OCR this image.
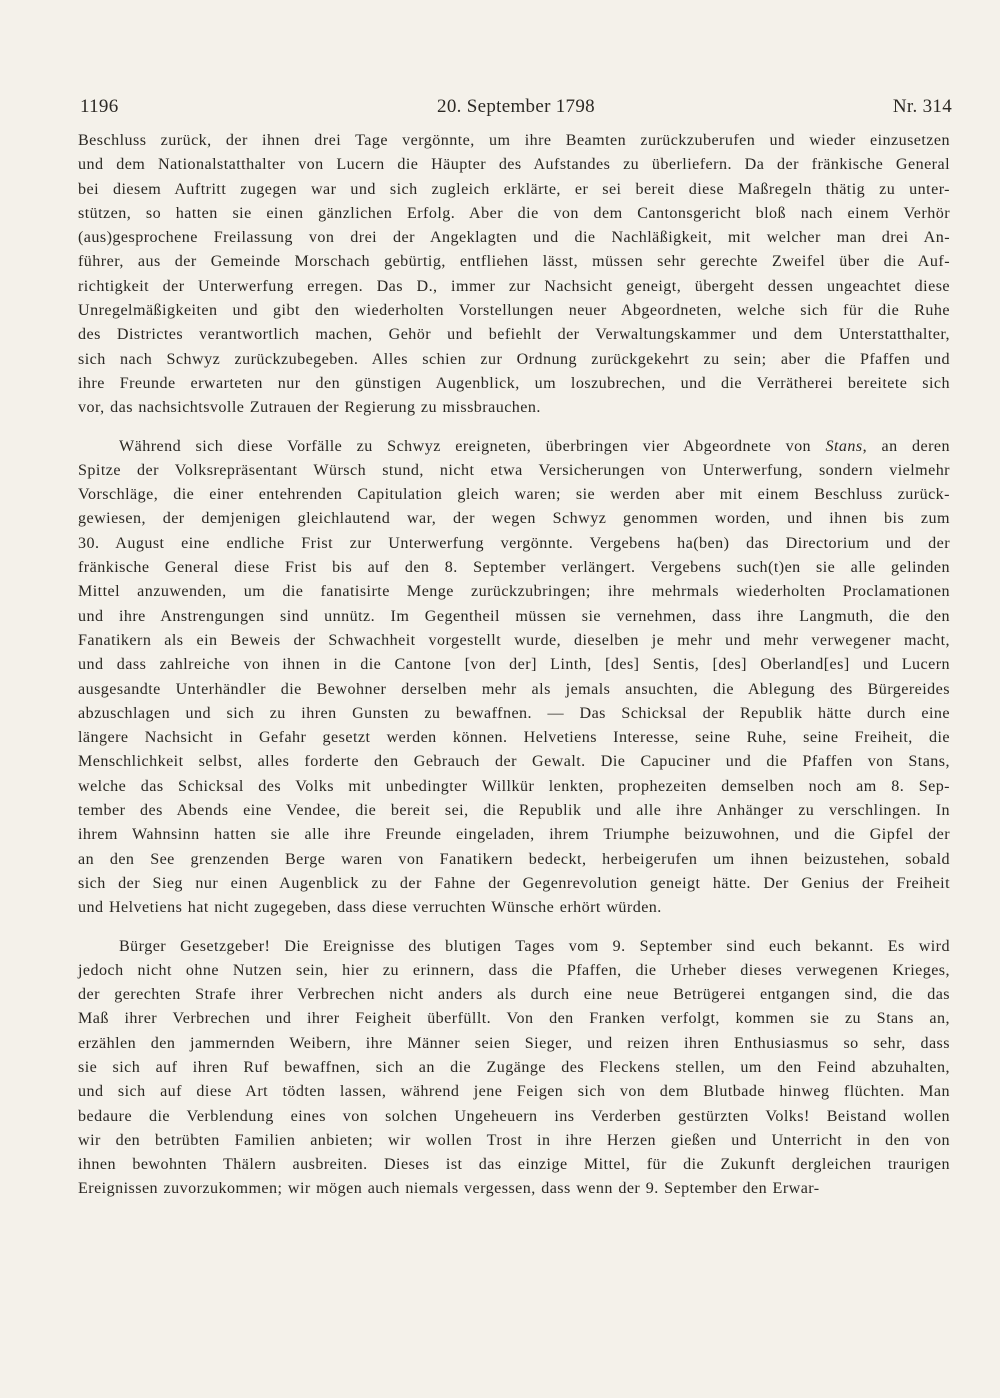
1196	20. September 1798	Nr. 314

Beschluss zurück, der ihnen drei Tage vergönnte, um ihre Beamten zurückzuberufen und wieder einzusetzen
und dem Nationalstatthalter von Lucern die Häupter des Aufstandes zu überliefern. Da der fränkische General
bei diesem Auftritt zugegen war und sich zugleich erklärte, er sei bereit diese Maßregeln thätig zu unter-
stützen, so hatten sie einen gänzlichen Erfolg. Aber die von dem Cantonsgericht bloß nach einem Verhör
(aus)gesprochene Freilassung von drei der Angeklagten und die Nachläßigkeit, mit welcher man drei An-
führer, aus der Gemeinde Morschach gebürtig, entfliehen lässt, müssen sehr gerechte Zweifel über die Auf-
richtigkeit der Unterwerfung erregen. Das D., immer zur Nachsicht geneigt, übergeht dessen ungeachtet diese
Unregelmäßigkeiten und gibt den wiederholten Vorstellungen neuer Abgeordneten, welche sich für die Ruhe
des Districtes verantwortlich machen, Gehör und befiehlt der Verwaltungskammer und dem Unterstatthalter,
sich nach Schwyz zurückzubegeben. Alles schien zur Ordnung zurückgekehrt zu sein; aber die Pfaffen und
ihre Freunde erwarteten nur den günstigen Augenblick, um loszubrechen, und die Verrätherei bereitete sich
vor, das nachsichtsvolle Zutrauen der Regierung zu missbrauchen.

Während sich diese Vorfälle zu Schwyz ereigneten, überbringen vier Abgeordnete von Stans, an deren
Spitze der Volksrepräsentant Würsch stund, nicht etwa Versicherungen von Unterwerfung, sondern vielmehr
Vorschläge, die einer entehrenden Capitulation gleich waren; sie werden aber mit einem Beschluss zurück-
gewiesen, der demjenigen gleichlautend war, der wegen Schwyz genommen worden, und ihnen bis zum
30. August eine endliche Frist zur Unterwerfung vergönnte. Vergebens ha(ben) das Directorium und der
fränkische General diese Frist bis auf den 8. September verlängert. Vergebens such(t)en sie alle gelinden
Mittel anzuwenden, um die fanatisirte Menge zurückzubringen; ihre mehrmals wiederholten Proclamationen
und ihre Anstrengungen sind unnütz. Im Gegentheil müssen sie vernehmen, dass ihre Langmuth, die den
Fanatikern als ein Beweis der Schwachheit vorgestellt wurde, dieselben je mehr und mehr verwegener macht,
und dass zahlreiche von ihnen in die Cantone [von der] Linth, [des] Sentis, [des] Oberland[es] und Lucern
ausgesandte Unterhändler die Bewohner derselben mehr als jemals ansuchten, die Ablegung des Bürgereides
abzuschlagen und sich zu ihren Gunsten zu bewaffnen. — Das Schicksal der Republik hätte durch eine
längere Nachsicht in Gefahr gesetzt werden können. Helvetiens Interesse, seine Ruhe, seine Freiheit, die
Menschlichkeit selbst, alles forderte den Gebrauch der Gewalt. Die Capuciner und die Pfaffen von Stans,
welche das Schicksal des Volks mit unbedingter Willkür lenkten, prophezeiten demselben noch am 8. Sep-
tember des Abends eine Vendee, die bereit sei, die Republik und alle ihre Anhänger zu verschlingen. In
ihrem Wahnsinn hatten sie alle ihre Freunde eingeladen, ihrem Triumphe beizuwohnen, und die Gipfel der
an den See grenzenden Berge waren von Fanatikern bedeckt, herbeigerufen um ihnen beizustehen, sobald
sich der Sieg nur einen Augenblick zu der Fahne der Gegenrevolution geneigt hätte. Der Genius der Freiheit
und Helvetiens hat nicht zugegeben, dass diese verruchten Wünsche erhört würden.

Bürger Gesetzgeber! Die Ereignisse des blutigen Tages vom 9. September sind euch bekannt. Es wird
jedoch nicht ohne Nutzen sein, hier zu erinnern, dass die Pfaffen, die Urheber dieses verwegenen Krieges,
der gerechten Strafe ihrer Verbrechen nicht anders als durch eine neue Betrügerei entgangen sind, die das
Maß ihrer Verbrechen und ihrer Feigheit überfüllt. Von den Franken verfolgt, kommen sie zu Stans an,
erzählen den jammernden Weibern, ihre Männer seien Sieger, und reizen ihren Enthusiasmus so sehr, dass
sie sich auf ihren Ruf bewaffnen, sich an die Zugänge des Fleckens stellen, um den Feind abzuhalten,
und sich auf diese Art tödten lassen, während jene Feigen sich von dem Blutbade hinweg flüchten. Man
bedaure die Verblendung eines von solchen Ungeheuern ins Verderben gestürzten Volks! Beistand wollen
wir den betrübten Familien anbieten; wir wollen Trost in ihre Herzen gießen und Unterricht in den von
ihnen bewohnten Thälern ausbreiten. Dieses ist das einzige Mittel, für die Zukunft dergleichen traurigen
Ereignissen zuvorzukommen; wir mögen auch niemals vergessen, dass wenn der 9. September den Erwar-
